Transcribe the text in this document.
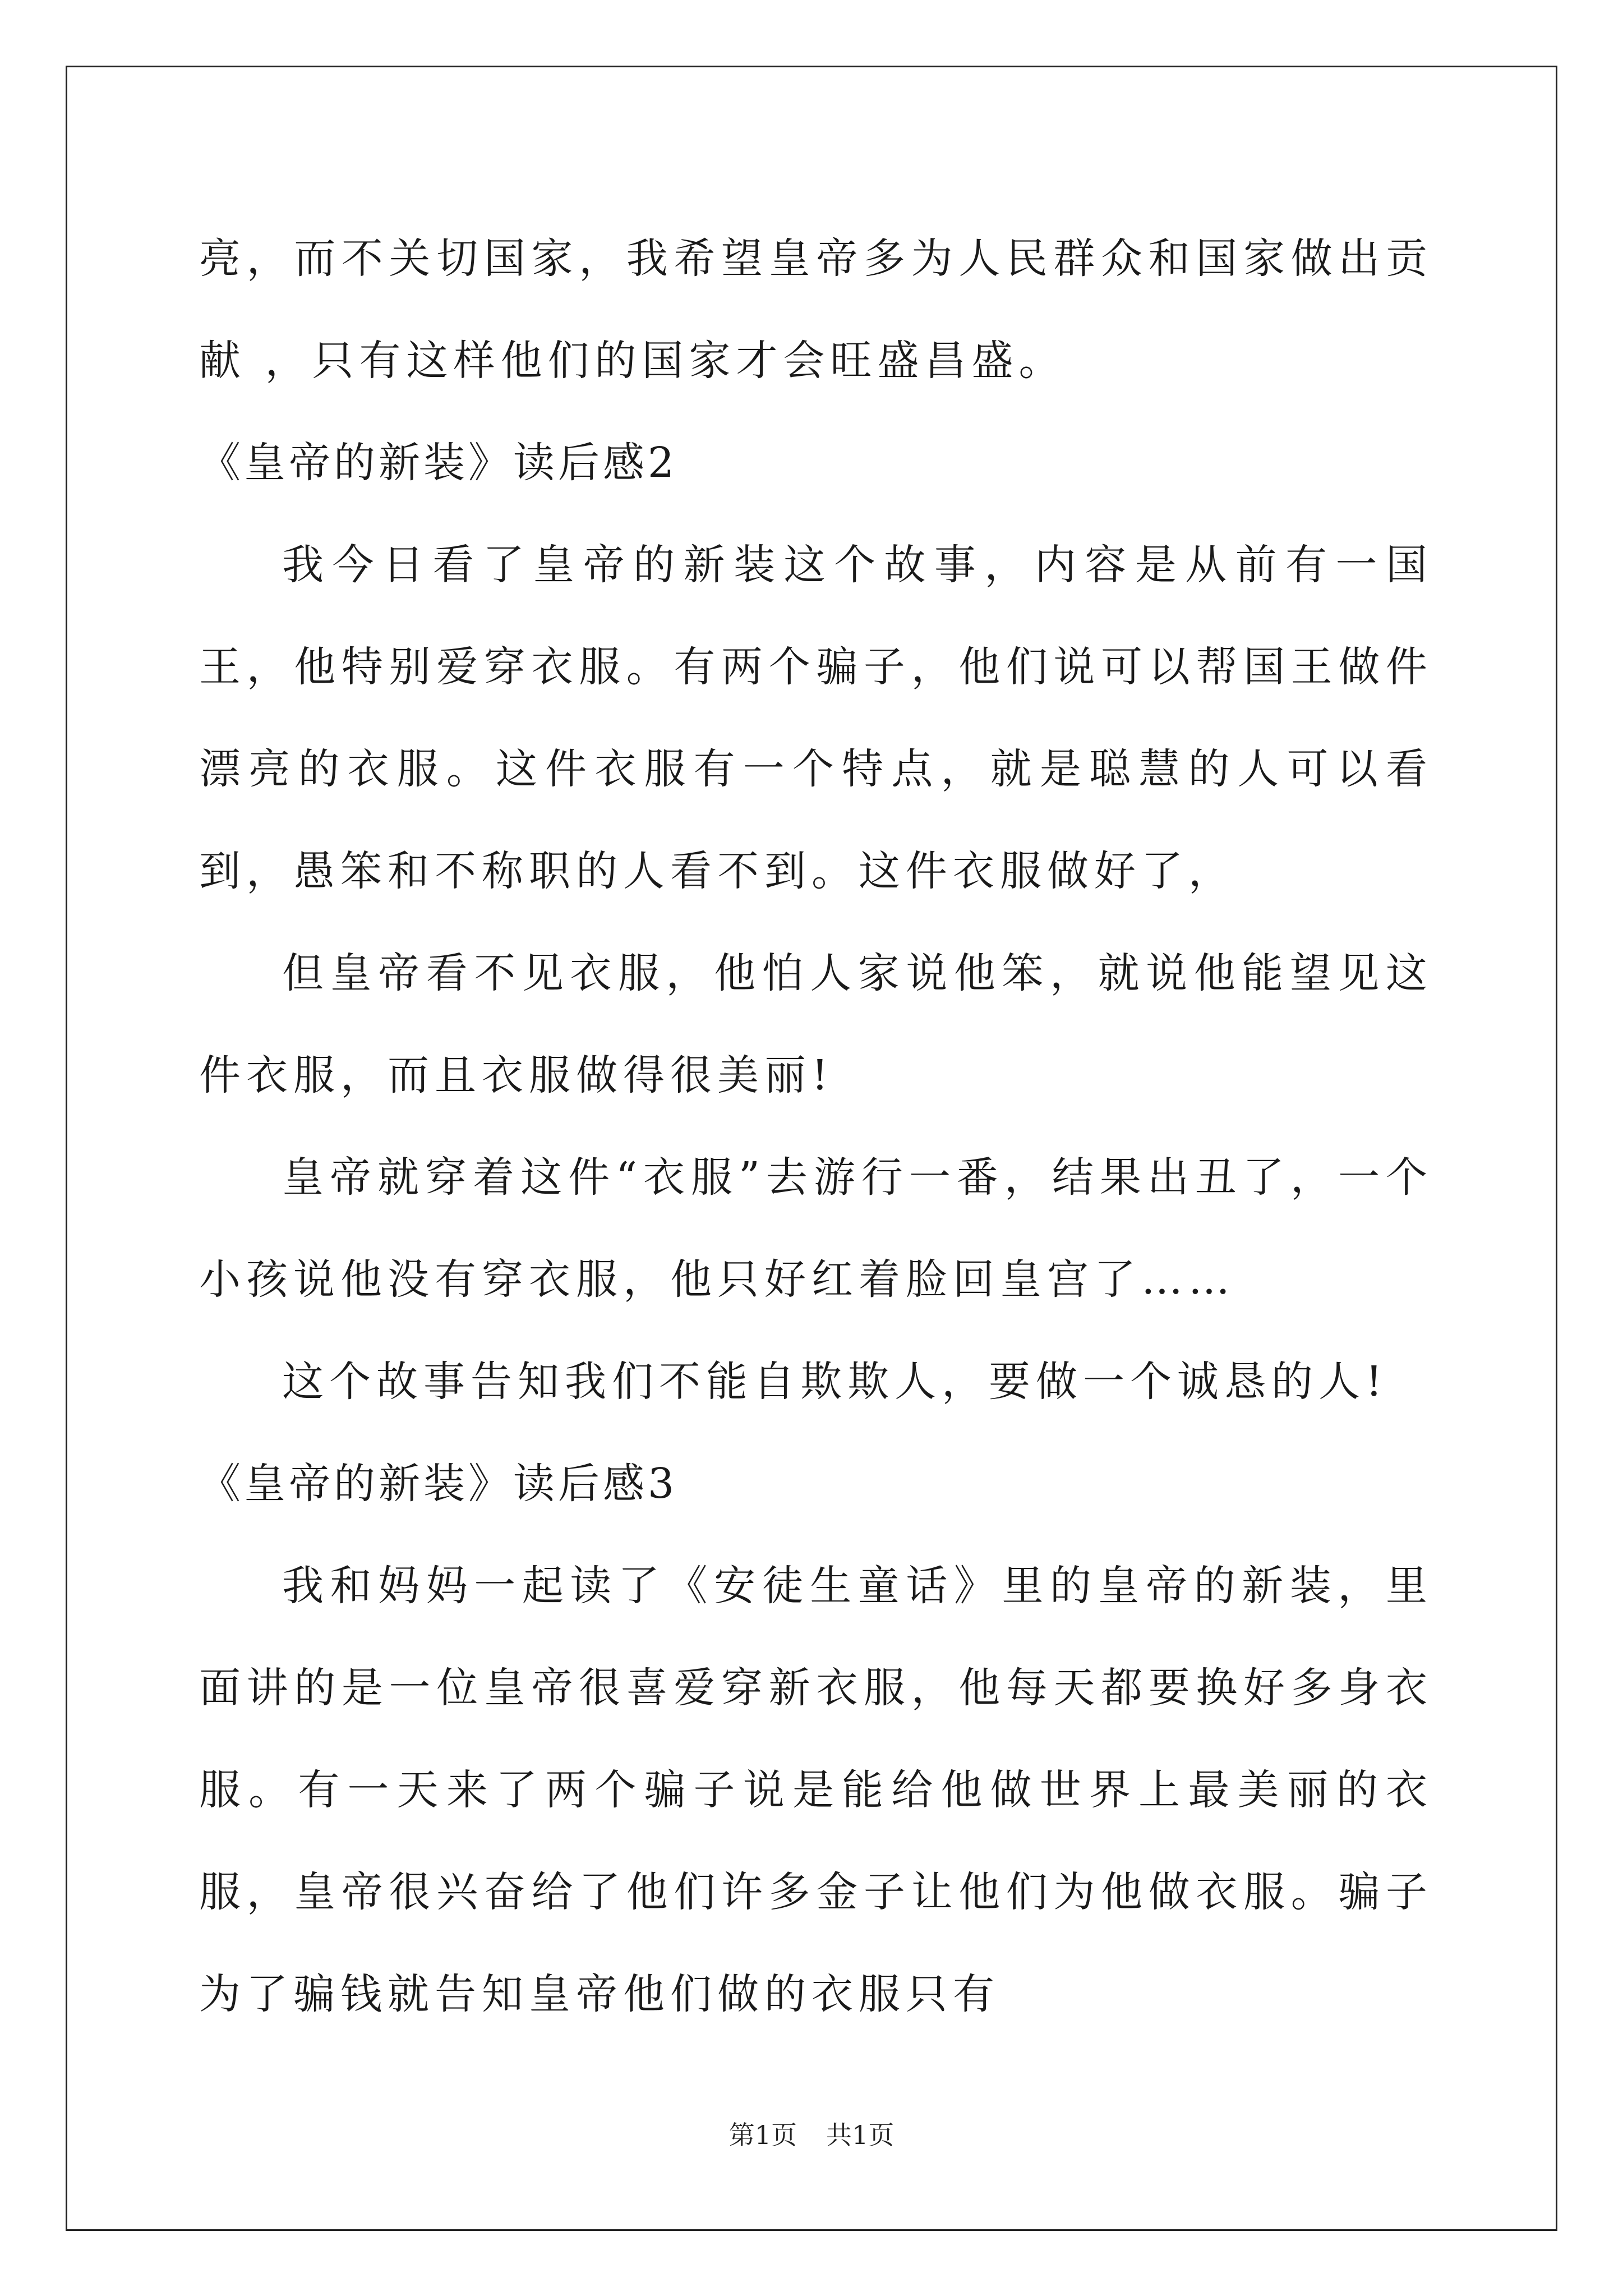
亮，而不关切国家，我希望皇帝多为人民群众和国家做出贡献 ，只有这样他们的国家才会旺盛昌盛。

《皇帝的新装》读后感2

我今日看了皇帝的新装这个故事，内容是从前有一国王，他特别爱穿衣服。有两个骗子，他们说可以帮国王做件漂亮的衣服。这件衣服有一个特点，就是聪慧的人可以看到，愚笨和不称职的人看不到。这件衣服做好了，

但皇帝看不见衣服，他怕人家说他笨，就说他能望见这件衣服，而且衣服做得很美丽!

皇帝就穿着这件“衣服”去游行一番，结果出丑了，一个小孩说他没有穿衣服，他只好红着脸回皇宫了……

这个故事告知我们不能自欺欺人，要做一个诚恳的人!

《皇帝的新装》读后感3

我和妈妈一起读了《安徒生童话》里的皇帝的新装，里面讲的是一位皇帝很喜爱穿新衣服，他每天都要换好多身衣服。有一天来了两个骗子说是能给他做世界上最美丽的衣服，皇帝很兴奋给了他们许多金子让他们为他做衣服。骗子为了骗钱就告知皇帝他们做的衣服只有

第1页 共1页
